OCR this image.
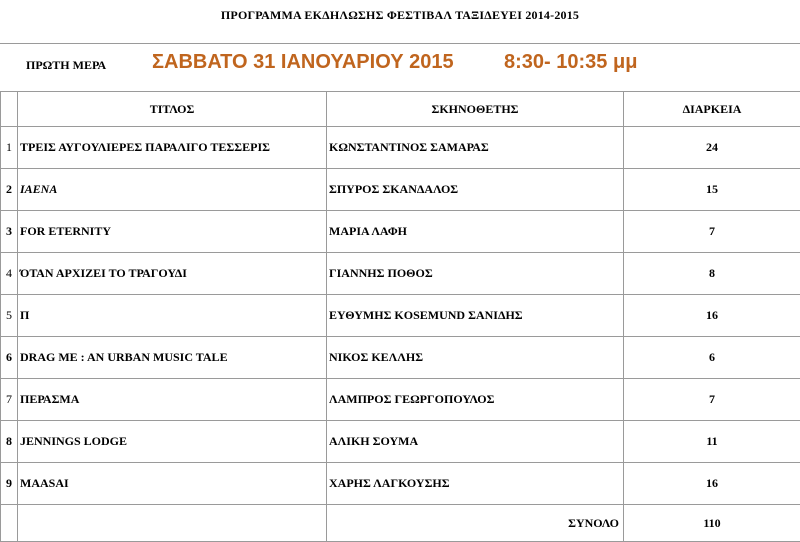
ΠΡΟΓΡΑΜΜΑ ΕΚΔΗΛΩΣΗΣ ΦΕΣΤΙΒΑΛ ΤΑΞΙΔΕΥΕΙ 2014-2015
ΠΡΩΤΗ ΜΕΡΑ ΣΑΒΒΑΤΟ 31 ΙΑΝΟΥΑΡΙΟΥ 2015	8:30- 10:35 μμ
	ΤΙΤΛΟΣ	ΣΚΗΝΟΘΕΤΗΣ	ΔΙΑΡΚΕΙΑ
1	ΤΡΕΙΣ ΑΥΓΟΥΛΙΕΡΕΣ ΠΑΡΑΛΙΓΟ ΤΕΣΣΕΡΙΣ	ΚΩΝΣΤΑΝΤΙΝΟΣ ΣΑΜΑΡΑΣ	24
2	ΙΑΕΝΑ	ΣΠΥΡΟΣ ΣΚΑΝΔΑΛΟΣ	15
3	FOR ETERNITY	ΜΑΡΙΑ ΛΑΦΗ	7
4	ΌΤΑΝ ΑΡΧΙΖΕΙ ΤΟ ΤΡΑΓΟΥΔΙ	ΓΙΑΝΝΗΣ ΠΟΘΟΣ	8
5	Π	ΕΥΘΥΜΗΣ KOSEMUND ΣΑΝΙΔΗΣ	16
6	DRAG ME : AN URBAN MUSIC TALE	ΝΙΚΟΣ ΚΕΛΛΗΣ	6
7	ΠΕΡΑΣΜΑ	ΛΑΜΠΡΟΣ ΓΕΩΡΓΟΠΟΥΛΟΣ	7
8	JENNINGS LODGE	ΑΛΙΚΗ ΣΟΥΜΑ	11
9	MAASAI	ΧΑΡΗΣ ΛΑΓΚΟΥΣΗΣ	16
		ΣΥΝΟΛΟ	110
